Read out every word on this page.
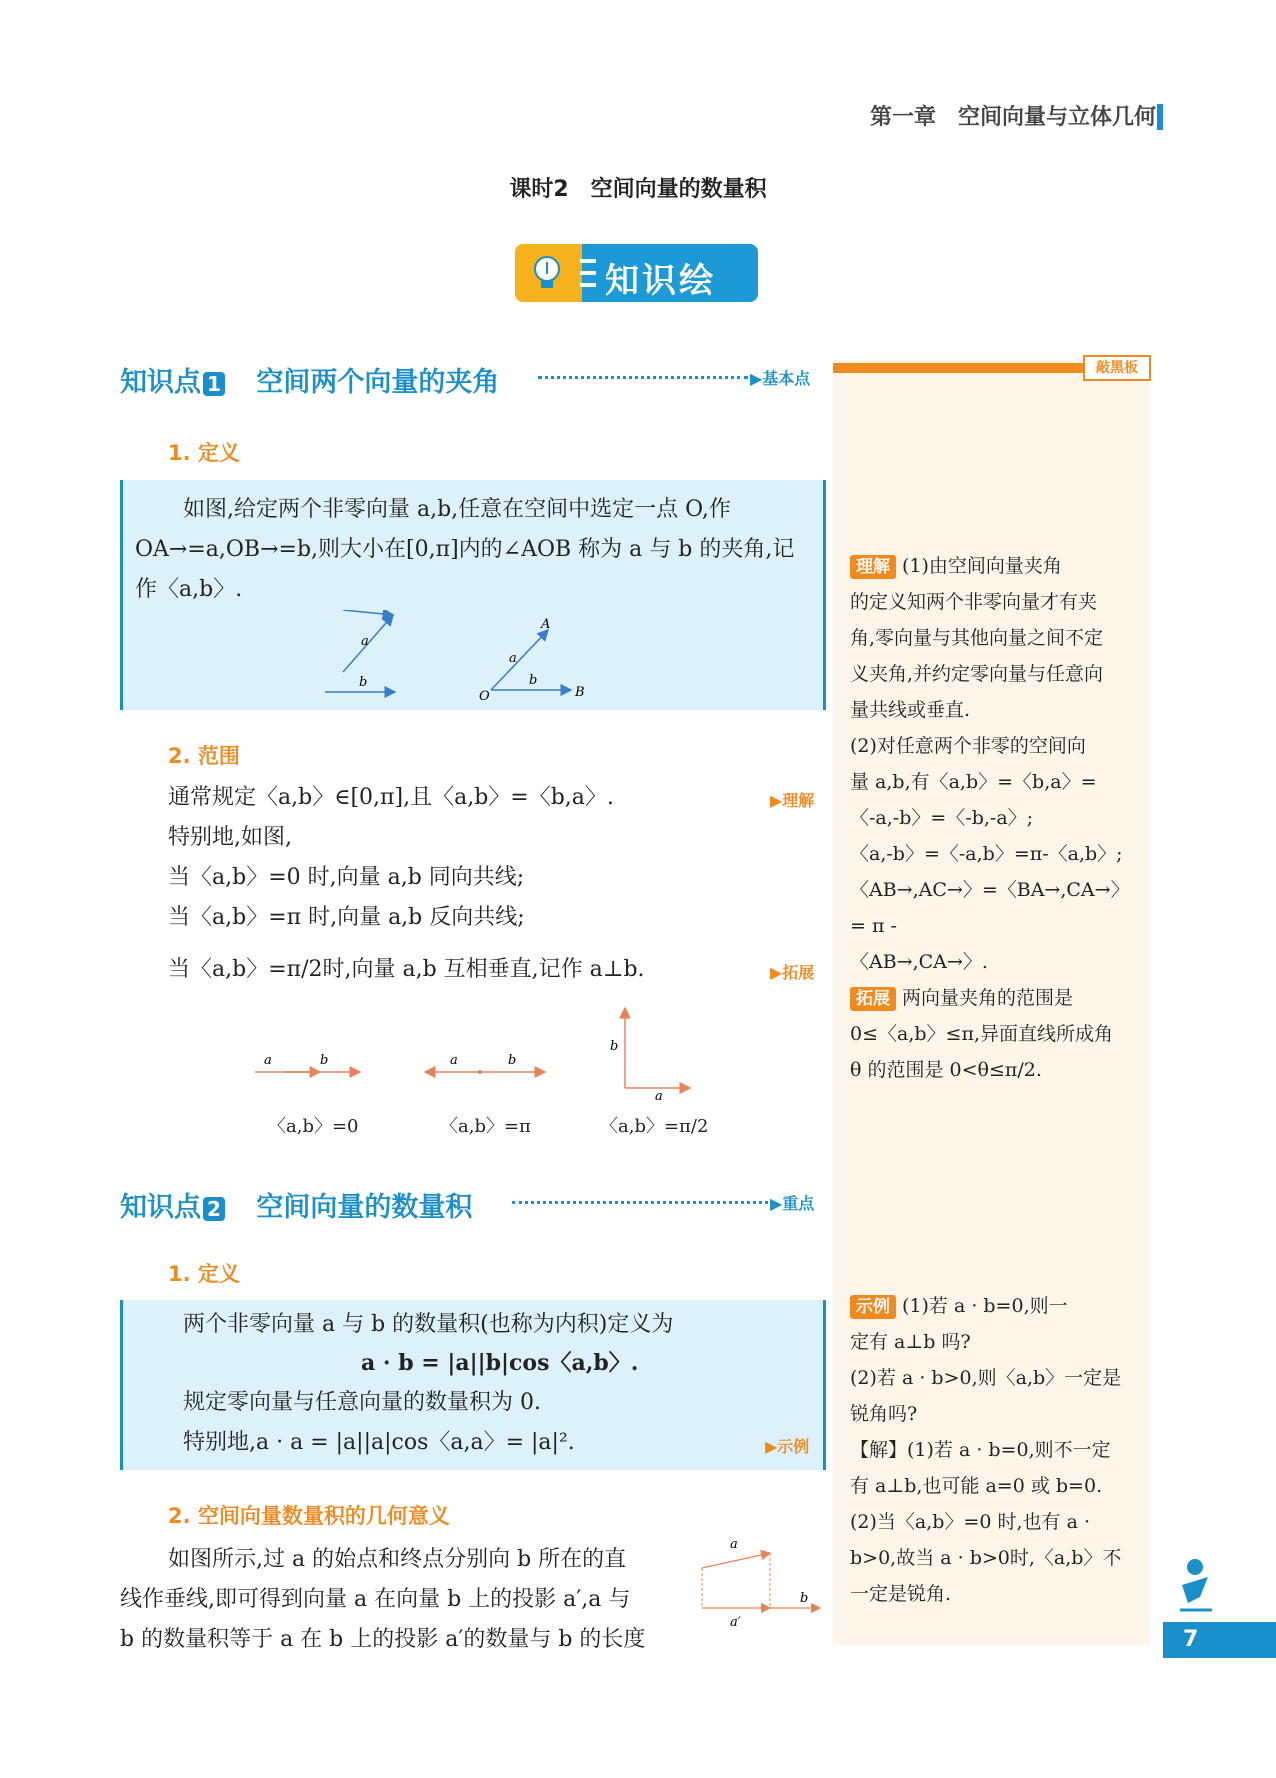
第一章　空间向量与立体几何
课时2　空间向量的数量积
知识绘
敲黑板
知识点 1 空间两个向量的夹角	▶基本点
1. 定义
如图,给定两个非零向量 a,b,任意在空间中选定一点 O,作
OA→=a,OB→=b,则大小在[0,π]内的∠AOB 称为 a 与 b 的夹角,记
作〈a,b〉.
a
b
O
A
B
a
b
2. 范围
通常规定〈a,b〉∈[0,π],且〈a,b〉=〈b,a〉.	▶理解
特别地,如图,
当〈a,b〉=0 时,向量 a,b 同向共线;
当〈a,b〉=π 时,向量 a,b 反向共线;
当〈a,b〉=π/2时,向量 a,b 互相垂直,记作 a⊥b.	▶拓展
a	b	a	b
b
a
〈a,b〉=0	〈a,b〉=π	〈a,b〉=π/2
知识点 2 空间向量的数量积	▶重点
1. 定义
两个非零向量 a 与 b 的数量积(也称为内积)定义为
a · b = |a||b|cos〈a,b〉.
规定零向量与任意向量的数量积为 0.
特别地,a · a = |a||a|cos〈a,a〉= |a|².	▶示例
2. 空间向量数量积的几何意义
如图所示,过 a 的始点和终点分别向 b 所在的直
线作垂线,即可得到向量 a 在向量 b 上的投影 a′,a 与
b 的数量积等于 a 在 b 上的投影 a′的数量与 b 的长度
a
b
a′
理解 (1)由空间向量夹角
的定义知两个非零向量才有夹
角,零向量与其他向量之间不定
义夹角,并约定零向量与任意向
量共线或垂直.
(2)对任意两个非零的空间向
量 a,b,有〈a,b〉=〈b,a〉=
〈-a,-b〉=〈-b,-a〉;
〈a,-b〉=〈-a,b〉=π-〈a,b〉;
〈AB→,AC→〉=〈BA→,CA→〉= π -
〈AB→,CA→〉.
拓展 两向量夹角的范围是
0≤〈a,b〉≤π,异面直线所成角
θ 的范围是 0<θ≤π/2.
示例 (1)若 a · b=0,则一
定有 a⊥b 吗?
(2)若 a · b>0,则〈a,b〉一定是
锐角吗?
【解】(1)若 a · b=0,则不一定
有 a⊥b,也可能 a=0 或 b=0.
(2)当〈a,b〉=0 时,也有 a ·
b>0,故当 a · b>0时,〈a,b〉不
一定是锐角.
7
